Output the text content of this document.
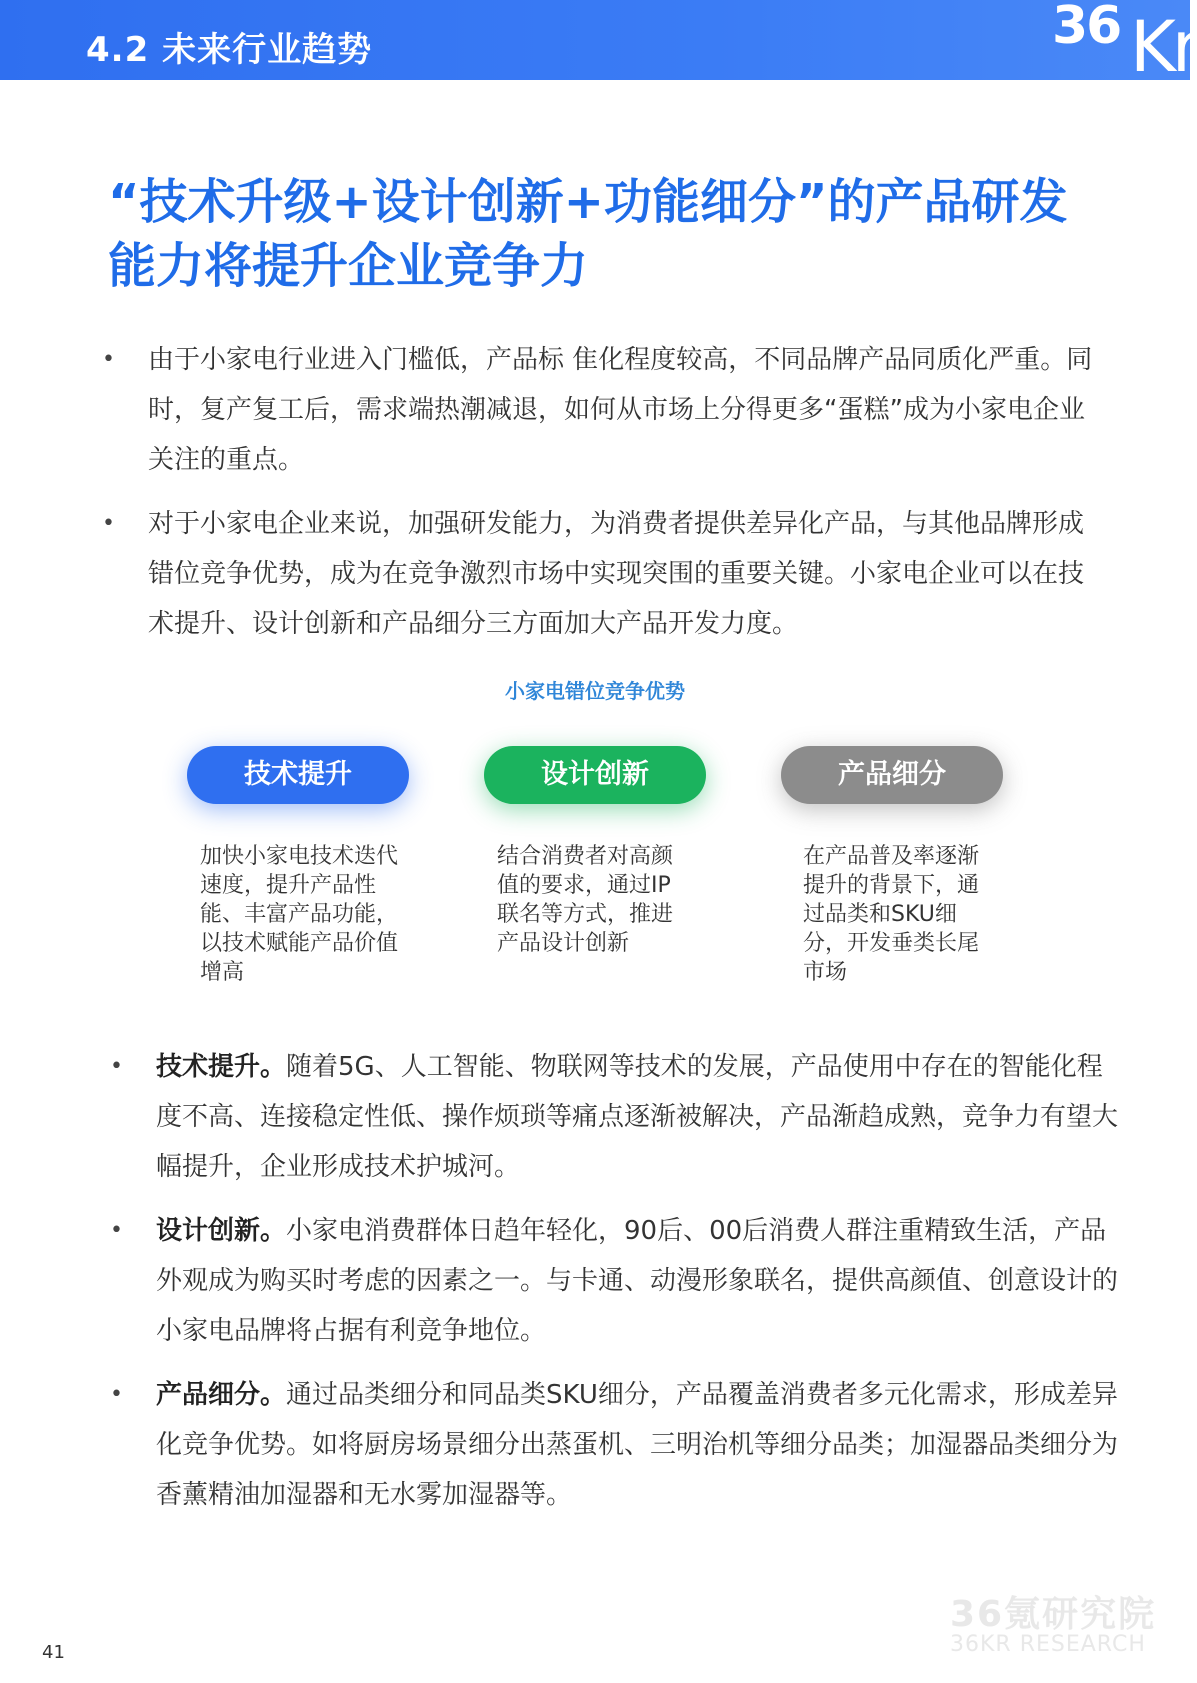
4.2 未来行业趋势	36 Kr
“技术升级+设计创新+功能细分”的产品研发能力将提升企业竞争力
• 由于小家电行业进入门槛低，产品标 隹化程度较高，不同品牌产品同质化严重。同时，复产复工后，需求端热潮减退，如何从市场上分得更多“蛋糕”成为小家电企业 关注的重点。
• 对于小家电企业来说，加强研发能力，为消费者提供差异化产品，与其他品牌形成错位竞争优势，成为在竞争激烈市场中实现突围的重要关键。小家电企业可以在技术提升、设计创新和产品细分三方面加大产品开发力度。
小家电错位竞争优势
技术提升	设计创新	产品细分
加快小家电技术迭代速度，提升产品性能、丰富产品功能，以技术赋能产品价值增高
结合消费者对高颜值的要求，通过IP联名等方式，推进产品设计创新
在产品普及率逐渐提升的背景下，通过品类和SKU细分，开发垂类长尾市场
• 技术提升。随着5G、人工智能、物联网等技术的发展，产品使用中存在的智能化程度不高、连接稳定性低、操作烦琐等痛点逐渐被解决，产品渐趋成熟，竞争力有望大幅提升，企业形成技术护城河。
• 设计创新。小家电消费群体日趋年轻化，90后、00后消费人群注重精致生活，产品外观成为购买时考虑的因素之一。与卡通、动漫形象联名，提供高颜值、创意设计的小家电品牌将占据有利竞争地位。
• 产品细分。通过品类细分和同品类SKU细分，产品覆盖消费者多元化需求，形成差异化竞争优势。如将厨房场景细分出蒸蛋机、三明治机等细分品类；加湿器品类细分为香薰精油加湿器和无水雾加湿器等。
36氪研究院
36KR RESEARCH
41
